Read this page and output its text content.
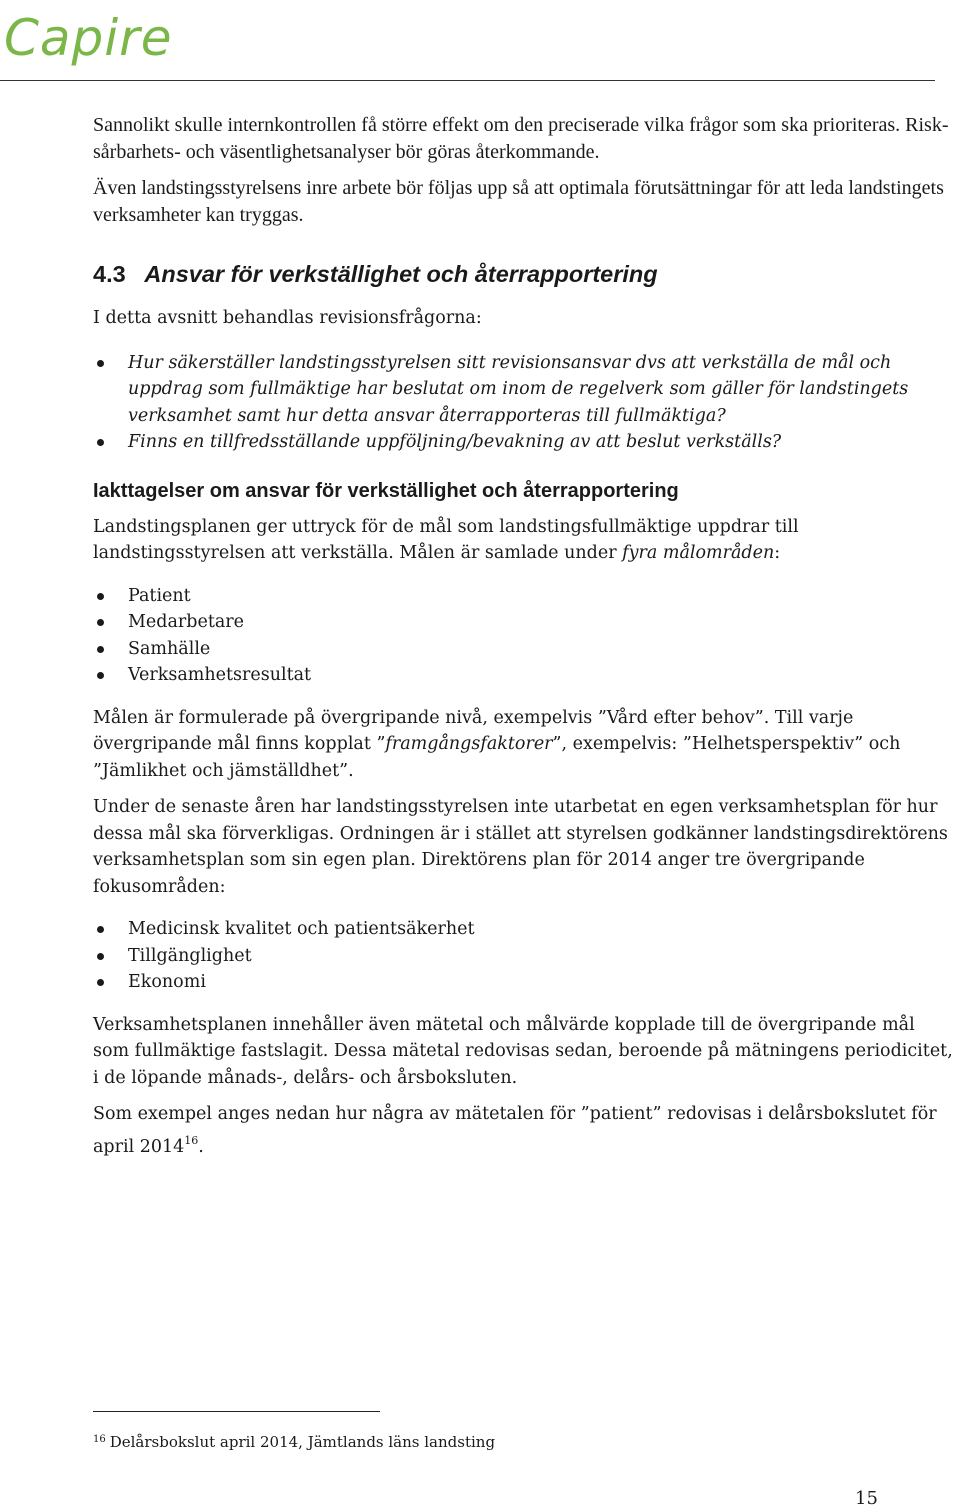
Capire

Sannolikt skulle internkontrollen få större effekt om den preciserade vilka frågor som ska prioriteras. Risk- sårbarhets- och väsentlighetsanalyser bör göras återkommande.

Även landstingsstyrelsens inre arbete bör följas upp så att optimala förutsättningar för att leda landstingets verksamheter kan tryggas.

4.3 Ansvar för verkställighet och återrapportering

I detta avsnitt behandlas revisionsfrågorna:

Hur säkerställer landstingsstyrelsen sitt revisionsansvar dvs att verkställa de mål och uppdrag som fullmäktige har beslutat om inom de regelverk som gäller för landstingets verksamhet samt hur detta ansvar återrapporteras till fullmäktiga?
Finns en tillfredsställande uppföljning/bevakning av att beslut verkställs?
Iakttagelser om ansvar för verkställighet och återrapportering

Landstingsplanen ger uttryck för de mål som landstingsfullmäktige uppdrar till landstingsstyrelsen att verkställa. Målen är samlade under fyra målområden:

Patient
Medarbetare
Samhälle
Verksamhetsresultat

Målen är formulerade på övergripande nivå, exempelvis ”Vård efter behov”. Till varje övergripande mål finns kopplat ”framgångsfaktorer”, exempelvis: ”Helhetsperspektiv” och ”Jämlikhet och jämställdhet”.

Under de senaste åren har landstingsstyrelsen inte utarbetat en egen verksamhetsplan för hur dessa mål ska förverkligas. Ordningen är i stället att styrelsen godkänner landstingsdirektörens verksamhetsplan som sin egen plan. Direktörens plan för 2014 anger tre övergripande fokusområden:

Medicinsk kvalitet och patientsäkerhet
Tillgänglighet
Ekonomi

Verksamhetsplanen innehåller även mätetal och målvärde kopplade till de övergripande mål som fullmäktige fastslagit. Dessa mätetal redovisas sedan, beroende på mätningens periodicitet, i de löpande månads-, delårs- och årsboksluten.

Som exempel anges nedan hur några av mätetalen för ”patient” redovisas i delårsbokslutet för april 2014$^{16}$.

$^{16}$ Delårsbokslut april 2014, Jämtlands läns landsting
15
